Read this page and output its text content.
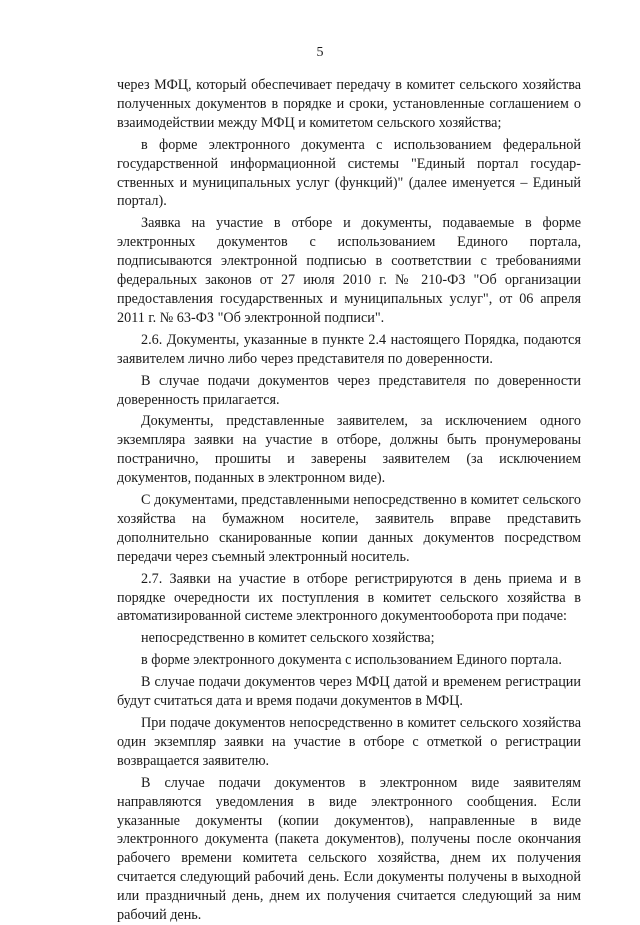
5

через МФЦ, который обеспечивает передачу в комитет сельского хозяйства полученных документов в порядке и сроки, установленные соглашением о взаимодействии между МФЦ и комитетом сельского хозяйства;

в форме электронного документа с использованием федеральной государственной информационной системы "Единый портал государственных и муниципальных услуг (функций)" (далее именуется – Единый портал).

Заявка на участие в отборе и документы, подаваемые в форме электронных документов с использованием Единого портала, подписываются электронной подписью в соответствии с требованиями федеральных законов от 27 июля 2010 г. № 210-ФЗ "Об организации предоставления государственных и муниципальных услуг", от 06 апреля 2011 г. № 63-ФЗ "Об электронной подписи".

2.6. Документы, указанные в пункте 2.4 настоящего Порядка, подаются заявителем лично либо через представителя по доверенности.

В случае подачи документов через представителя по доверенности доверенность прилагается.

Документы, представленные заявителем, за исключением одного экземпляра заявки на участие в отборе, должны быть пронумерованы постранично, прошиты и заверены заявителем (за исключением документов, поданных в электронном виде).

С документами, представленными непосредственно в комитет сельского хозяйства на бумажном носителе, заявитель вправе представить дополнительно сканированные копии данных документов посредством передачи через съемный электронный носитель.

2.7. Заявки на участие в отборе регистрируются в день приема и в порядке очередности их поступления в комитет сельского хозяйства в автоматизированной системе электронного документооборота при подаче:

непосредственно в комитет сельского хозяйства;

в форме электронного документа с использованием Единого портала.

В случае подачи документов через МФЦ датой и временем регистрации будут считаться дата и время подачи документов в МФЦ.

При подаче документов непосредственно в комитет сельского хозяйства один экземпляр заявки на участие в отборе с отметкой о регистрации возвращается заявителю.

В случае подачи документов в электронном виде заявителям направляются уведомления в виде электронного сообщения. Если указанные документы (копии документов), направленные в виде электронного документа (пакета документов), получены после окончания рабочего времени комитета сельского хозяйства, днем их получения считается следующий рабочий день. Если документы получены в выходной или праздничный день, днем их получения считается следующий за ним рабочий день.
